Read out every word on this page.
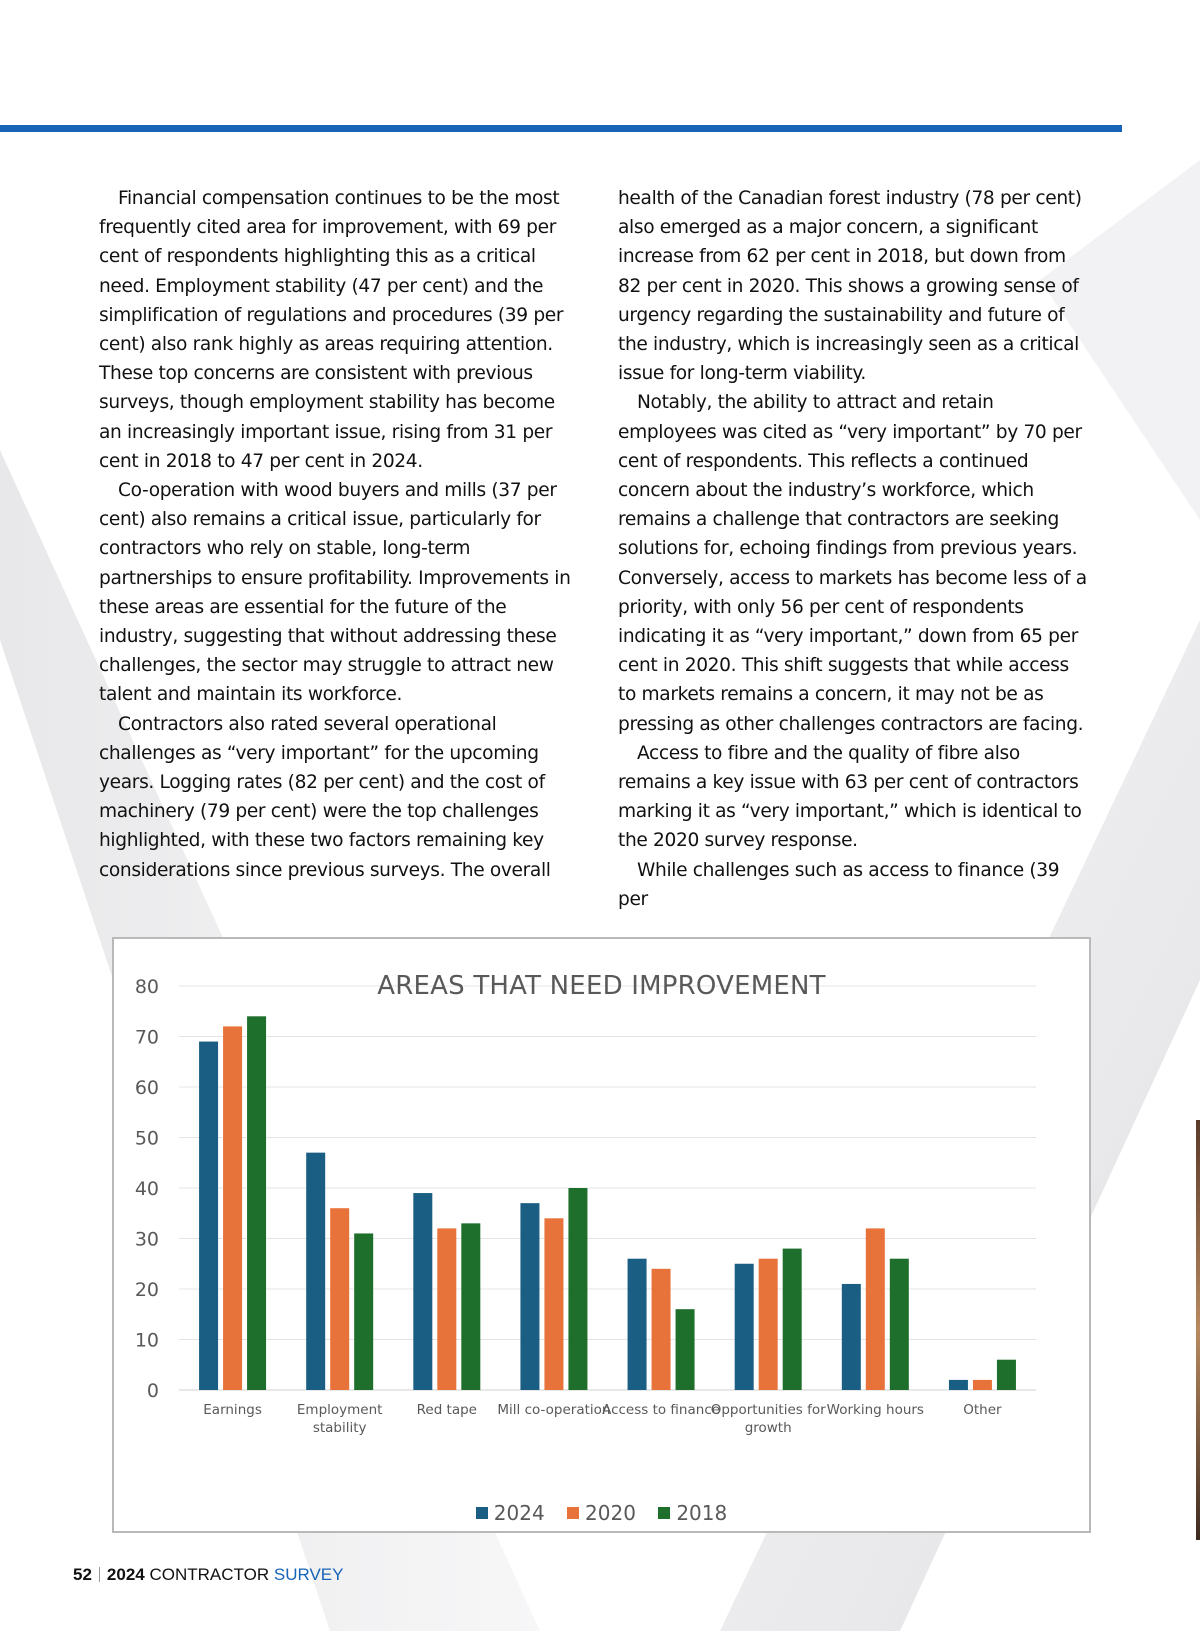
Financial compensation continues to be the most frequently cited area for improvement, with 69 per cent of respondents highlighting this as a critical need. Employment stability (47 per cent) and the simplification of regulations and procedures (39 per cent) also rank highly as areas requiring attention. These top concerns are consistent with previous surveys, though employment stability has become an increasingly important issue, rising from 31 per cent in 2018 to 47 per cent in 2024.

Co-operation with wood buyers and mills (37 per cent) also remains a critical issue, particularly for contractors who rely on stable, long-term partnerships to ensure profitability. Improvements in these areas are essential for the future of the industry, suggesting that without addressing these challenges, the sector may struggle to attract new talent and maintain its workforce.

Contractors also rated several operational challenges as “very important” for the upcoming years. Logging rates (82 per cent) and the cost of machinery (79 per cent) were the top challenges highlighted, with these two factors remaining key considerations since previous surveys. The overall

health of the Canadian forest industry (78 per cent) also emerged as a major concern, a significant increase from 62 per cent in 2018, but down from 82 per cent in 2020. This shows a growing sense of urgency regarding the sustainability and future of the industry, which is increasingly seen as a critical issue for long-term viability.

Notably, the ability to attract and retain employees was cited as “very important” by 70 per cent of respondents. This reflects a continued concern about the industry’s workforce, which remains a challenge that contractors are seeking solutions for, echoing findings from previous years. Conversely, access to markets has become less of a priority, with only 56 per cent of respondents indicating it as “very important,” down from 65 per cent in 2020. This shift suggests that while access to markets remains a concern, it may not be as pressing as other challenges contractors are facing.

Access to fibre and the quality of fibre also remains a key issue with 63 per cent of contractors marking it as “very important,” which is identical to the 2020 survey response.

While challenges such as access to finance (39 per

0
10
20
30
40
50
60
70
80
Earnings	Employment
stability
Red tape Mill co-operation
Access to finance
Opportunities for
growth
Working hours	Other
AREAS THAT NEED IMPROVEMENT
2024 2020 2018
52 2024 CONTRACTOR SURVEY
